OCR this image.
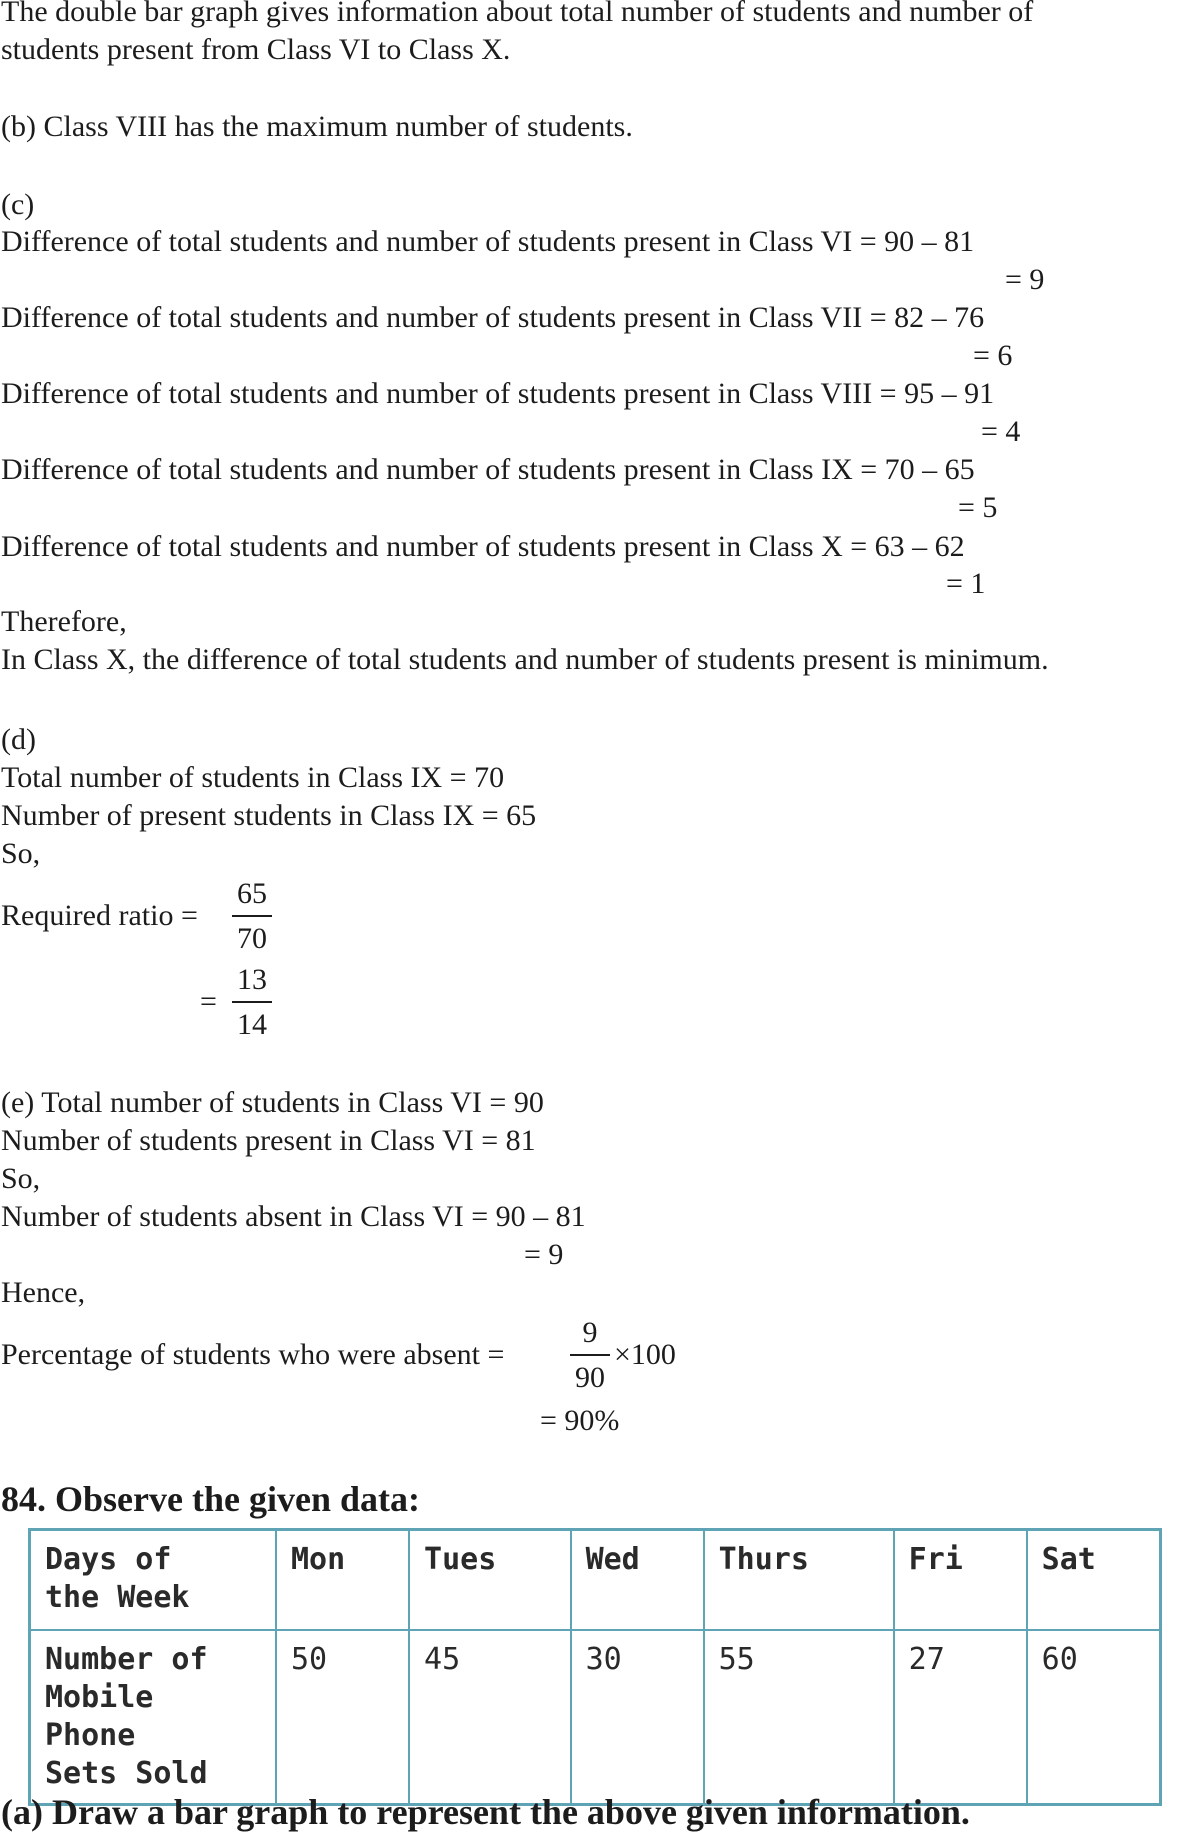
The double bar graph gives information about total number of students and number of
students present from Class VI to Class X.
(b) Class VIII has the maximum number of students.
(c)
Difference of total students and number of students present in Class VI = 90 – 81
= 9
Difference of total students and number of students present in Class VII = 82 – 76
= 6
Difference of total students and number of students present in Class VIII = 95 – 91
= 4
Difference of total students and number of students present in Class IX = 70 – 65
= 5
Difference of total students and number of students present in Class X = 63 – 62
= 1
Therefore,
In Class X, the difference of total students and number of students present is minimum.
(d)
Total number of students in Class IX = 70
Number of present students in Class IX = 65
So,
Required ratio =
65
70
=
13
14
(e) Total number of students in Class VI = 90
Number of students present in Class VI = 81
So,
Number of students absent in Class VI = 90 – 81
= 9
Hence,
Percentage of students who were absent =
9
90
×100
= 90%
84. Observe the given data:
Days of
the Week	Mon	Tues	Wed	Thurs	Fri	Sat

Number of
Mobile Phone
Sets Sold	50	45	30	55	27	60
(a) Draw a bar graph to represent the above given information.
